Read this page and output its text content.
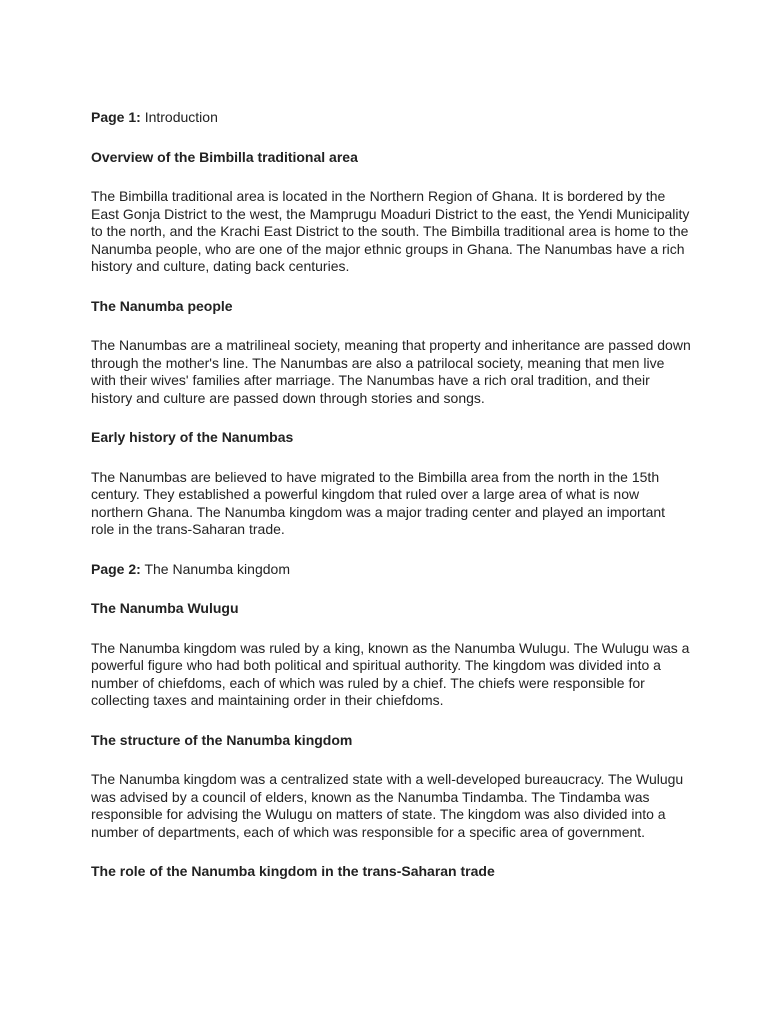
Page 1: Introduction

Overview of the Bimbilla traditional area

The Bimbilla traditional area is located in the Northern Region of Ghana. It is bordered by the East Gonja District to the west, the Mamprugu Moaduri District to the east, the Yendi Municipality to the north, and the Krachi East District to the south. The Bimbilla traditional area is home to the Nanumba people, who are one of the major ethnic groups in Ghana. The Nanumbas have a rich history and culture, dating back centuries.

The Nanumba people

The Nanumbas are a matrilineal society, meaning that property and inheritance are passed down through the mother's line. The Nanumbas are also a patrilocal society, meaning that men live with their wives' families after marriage. The Nanumbas have a rich oral tradition, and their history and culture are passed down through stories and songs.

Early history of the Nanumbas

The Nanumbas are believed to have migrated to the Bimbilla area from the north in the 15th century. They established a powerful kingdom that ruled over a large area of what is now northern Ghana. The Nanumba kingdom was a major trading center and played an important role in the trans-Saharan trade.

Page 2: The Nanumba kingdom

The Nanumba Wulugu

The Nanumba kingdom was ruled by a king, known as the Nanumba Wulugu. The Wulugu was a powerful figure who had both political and spiritual authority. The kingdom was divided into a number of chiefdoms, each of which was ruled by a chief. The chiefs were responsible for collecting taxes and maintaining order in their chiefdoms.

The structure of the Nanumba kingdom

The Nanumba kingdom was a centralized state with a well-developed bureaucracy. The Wulugu was advised by a council of elders, known as the Nanumba Tindamba. The Tindamba was responsible for advising the Wulugu on matters of state. The kingdom was also divided into a number of departments, each of which was responsible for a specific area of government.

The role of the Nanumba kingdom in the trans-Saharan trade
